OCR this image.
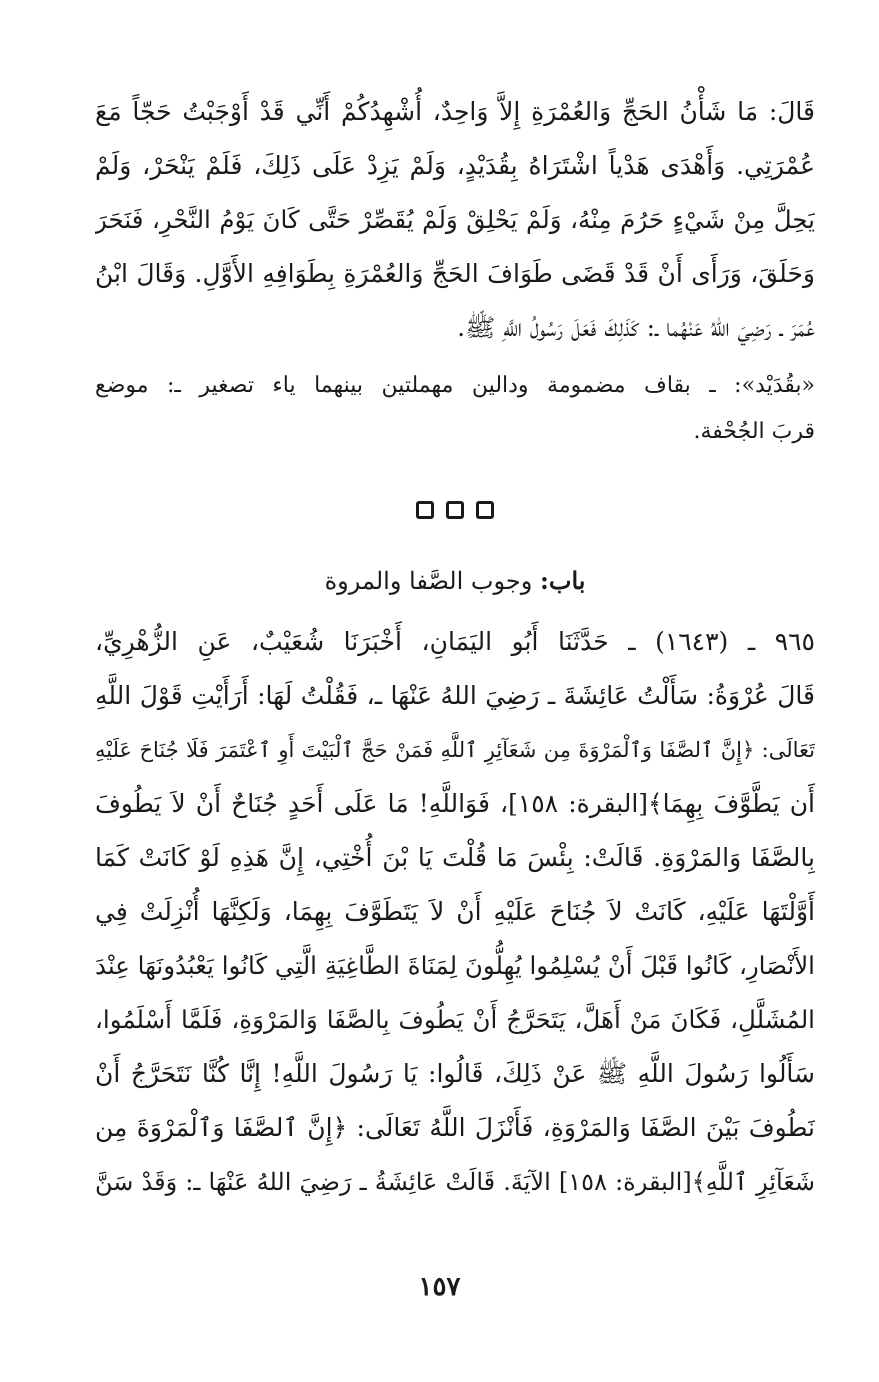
قَالَ: مَا شَأْنُ الحَجِّ وَالعُمْرَةِ إِلاَّ وَاحِدٌ، أُشْهِدُكُمْ أَنِّي قَدْ أَوْجَبْتُ حَجّاً مَعَ
عُمْرَتِي. وَأَهْدَى هَدْياً اشْتَرَاهُ بِقُدَيْدٍ، وَلَمْ يَزِدْ عَلَى ذَلِكَ، فَلَمْ يَنْحَرْ، وَلَمْ
يَحِلَّ مِنْ شَيْءٍ حَرُمَ مِنْهُ، وَلَمْ يَحْلِقْ وَلَمْ يُقَصِّرْ حَتَّى كَانَ يَوْمُ النَّحْرِ، فَنَحَرَ
وَحَلَقَ، وَرَأَى أَنْ قَدْ قَضَى طَوَافَ الحَجِّ وَالعُمْرَةِ بِطَوَافِهِ الأَوَّلِ. وَقَالَ ابْنُ
عُمَرَ ـ رَضِيَ اللهُ عَنْهُما ـ: كَذَلِكَ فَعَلَ رَسُولُ اللَّهِ ﷺ.
«بقُدَيْد»: ـ بقاف مضمومة ودالين مهملتين بينهما ياء تصغير ـ: موضع
قربَ الجُحْفة.
باب: وجوب الصَّفا والمروة
٩٦٥ ـ (١٦٤٣) ـ حَدَّثَنَا أَبُو اليَمَانِ، أَخْبَرَنَا شُعَيْبٌ، عَنِ الزُّهْرِيِّ،
قَالَ عُرْوَةُ: سَأَلْتُ عَائِشَةَ ـ رَضِيَ اللهُ عَنْهَا ـ، فَقُلْتُ لَهَا: أَرَأَيْتِ قَوْلَ اللَّهِ
تَعَالَى: ﴿إِنَّ ٱلصَّفَا وَٱلْمَرْوَةَ مِن شَعَآئِرِ ٱللَّهِ فَمَنْ حَجَّ ٱلْبَيْتَ أَوِ ٱعْتَمَرَ فَلَا جُنَاحَ عَلَيْهِ
أَن يَطَّوَّفَ بِهِمَا﴾[البقرة: ١٥٨]، فَوَاللَّهِ! مَا عَلَى أَحَدٍ جُنَاحٌ أَنْ لاَ يَطُوفَ
بِالصَّفَا وَالمَرْوَةِ. قَالَتْ: بِئْسَ مَا قُلْتَ يَا بْنَ أُخْتِي، إِنَّ هَذِهِ لَوْ كَانَتْ كَمَا
أَوَّلْتَهَا عَلَيْهِ، كَانَتْ لاَ جُنَاحَ عَلَيْهِ أَنْ لاَ يَتَطَوَّفَ بِهِمَا، وَلَكِنَّهَا أُنْزِلَتْ فِي
الأَنْصَارِ، كَانُوا قَبْلَ أَنْ يُسْلِمُوا يُهِلُّونَ لِمَنَاةَ الطَّاغِيَةِ الَّتِي كَانُوا يَعْبُدُونَهَا عِنْدَ
المُشَلَّلِ، فَكَانَ مَنْ أَهَلَّ، يَتَحَرَّجُ أَنْ يَطُوفَ بِالصَّفَا وَالمَرْوَةِ، فَلَمَّا أَسْلَمُوا،
سَأَلُوا رَسُولَ اللَّهِ ﷺ عَنْ ذَلِكَ، قَالُوا: يَا رَسُولَ اللَّهِ! إِنَّا كُنَّا نَتَحَرَّجُ أَنْ
نَطُوفَ بَيْنَ الصَّفَا وَالمَرْوَةِ، فَأَنْزَلَ اللَّهُ تَعَالَى: ﴿إِنَّ ٱلصَّفَا وَٱلْمَرْوَةَ مِن
شَعَآئِرِ ٱللَّهِ﴾[البقرة: ١٥٨] الآيَةَ. قَالَتْ عَائِشَةُ ـ رَضِيَ اللهُ عَنْهَا ـ: وَقَدْ سَنَّ
١٥٧
